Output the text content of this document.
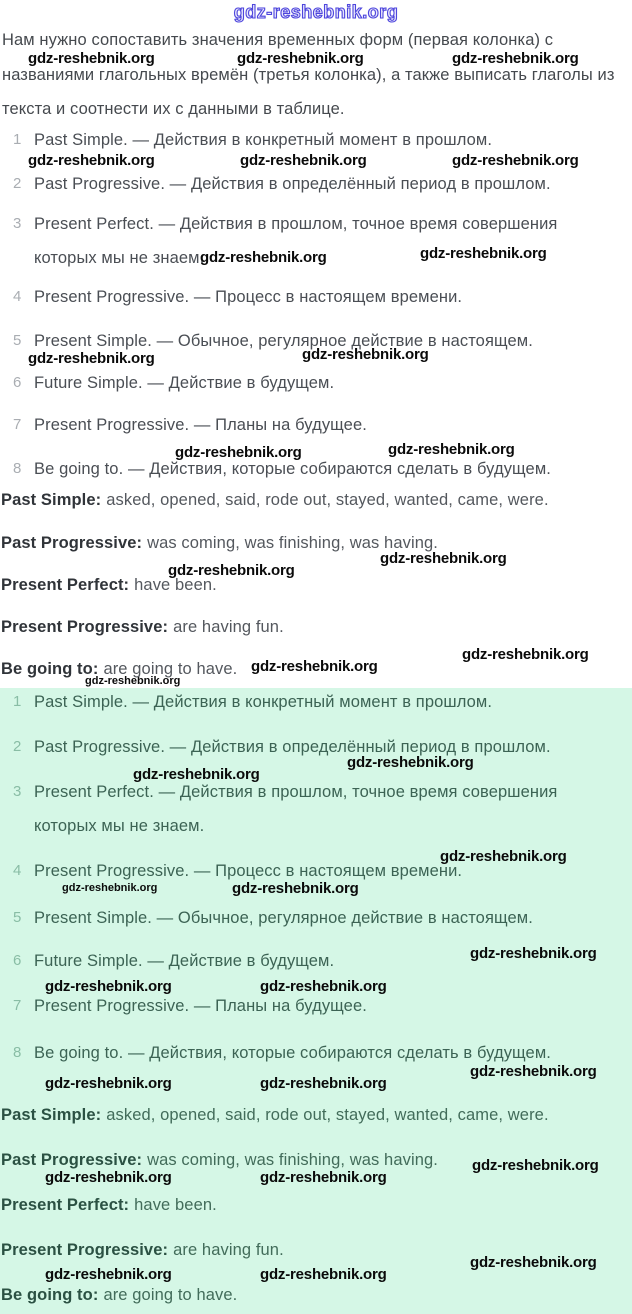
gdz-reshebnik.org
Нам нужно сопоставить значения временных форм (первая колонка) с
названиями глагольных времён (третья колонка), а также выписать глаголы из
текста и соотнести их с данными в таблице.
gdz-reshebnik.org	gdz-reshebnik.org	gdz-reshebnik.org
gdz-reshebnik.org	gdz-reshebnik.org	gdz-reshebnik.org
gdz-reshebnik.org	gdz-reshebnik.org
gdz-reshebnik.org	gdz-reshebnik.org
gdz-reshebnik.org	gdz-reshebnik.org
gdz-reshebnik.org
gdz-reshebnik.org
gdz-reshebnik.org
gdz-reshebnik.org
gdz-reshebnik.org
1 Past Simple. — Действия в конкретный момент в прошлом.
2 Past Progressive. — Действия в определённый период в прошлом.
3 Present Perfect. — Действия в прошлом, точное время совершения которых мы не знаем.
4 Present Progressive. — Процесс в настоящем времени.
5 Present Simple. — Обычное, регулярное действие в настоящем.
6 Future Simple. — Действие в будущем.
7 Present Progressive. — Планы на будущее.
8 Be going to. — Действия, которые собираются сделать в будущем.
Past Simple: asked, opened, said, rode out, stayed, wanted, came, were.
Past Progressive: was coming, was finishing, was having.
Present Perfect: have been.
Present Progressive: are having fun.
Be going to: are going to have.
gdz-reshebnik.org
gdz-reshebnik.org
gdz-reshebnik.org
gdz-reshebnik.org	gdz-reshebnik.org
gdz-reshebnik.org
gdz-reshebnik.org	gdz-reshebnik.org
gdz-reshebnik.org
gdz-reshebnik.org	gdz-reshebnik.org
gdz-reshebnik.org
gdz-reshebnik.org	gdz-reshebnik.org
gdz-reshebnik.org
gdz-reshebnik.org	gdz-reshebnik.org
1 Past Simple. — Действия в конкретный момент в прошлом.
2 Past Progressive. — Действия в определённый период в прошлом.
3 Present Perfect. — Действия в прошлом, точное время совершения которых мы не знаем.
4 Present Progressive. — Процесс в настоящем времени.
5 Present Simple. — Обычное, регулярное действие в настоящем.
6 Future Simple. — Действие в будущем.
7 Present Progressive. — Планы на будущее.
8 Be going to. — Действия, которые собираются сделать в будущем.
Past Simple: asked, opened, said, rode out, stayed, wanted, came, were.
Past Progressive: was coming, was finishing, was having.
Present Perfect: have been.
Present Progressive: are having fun.
Be going to: are going to have.
